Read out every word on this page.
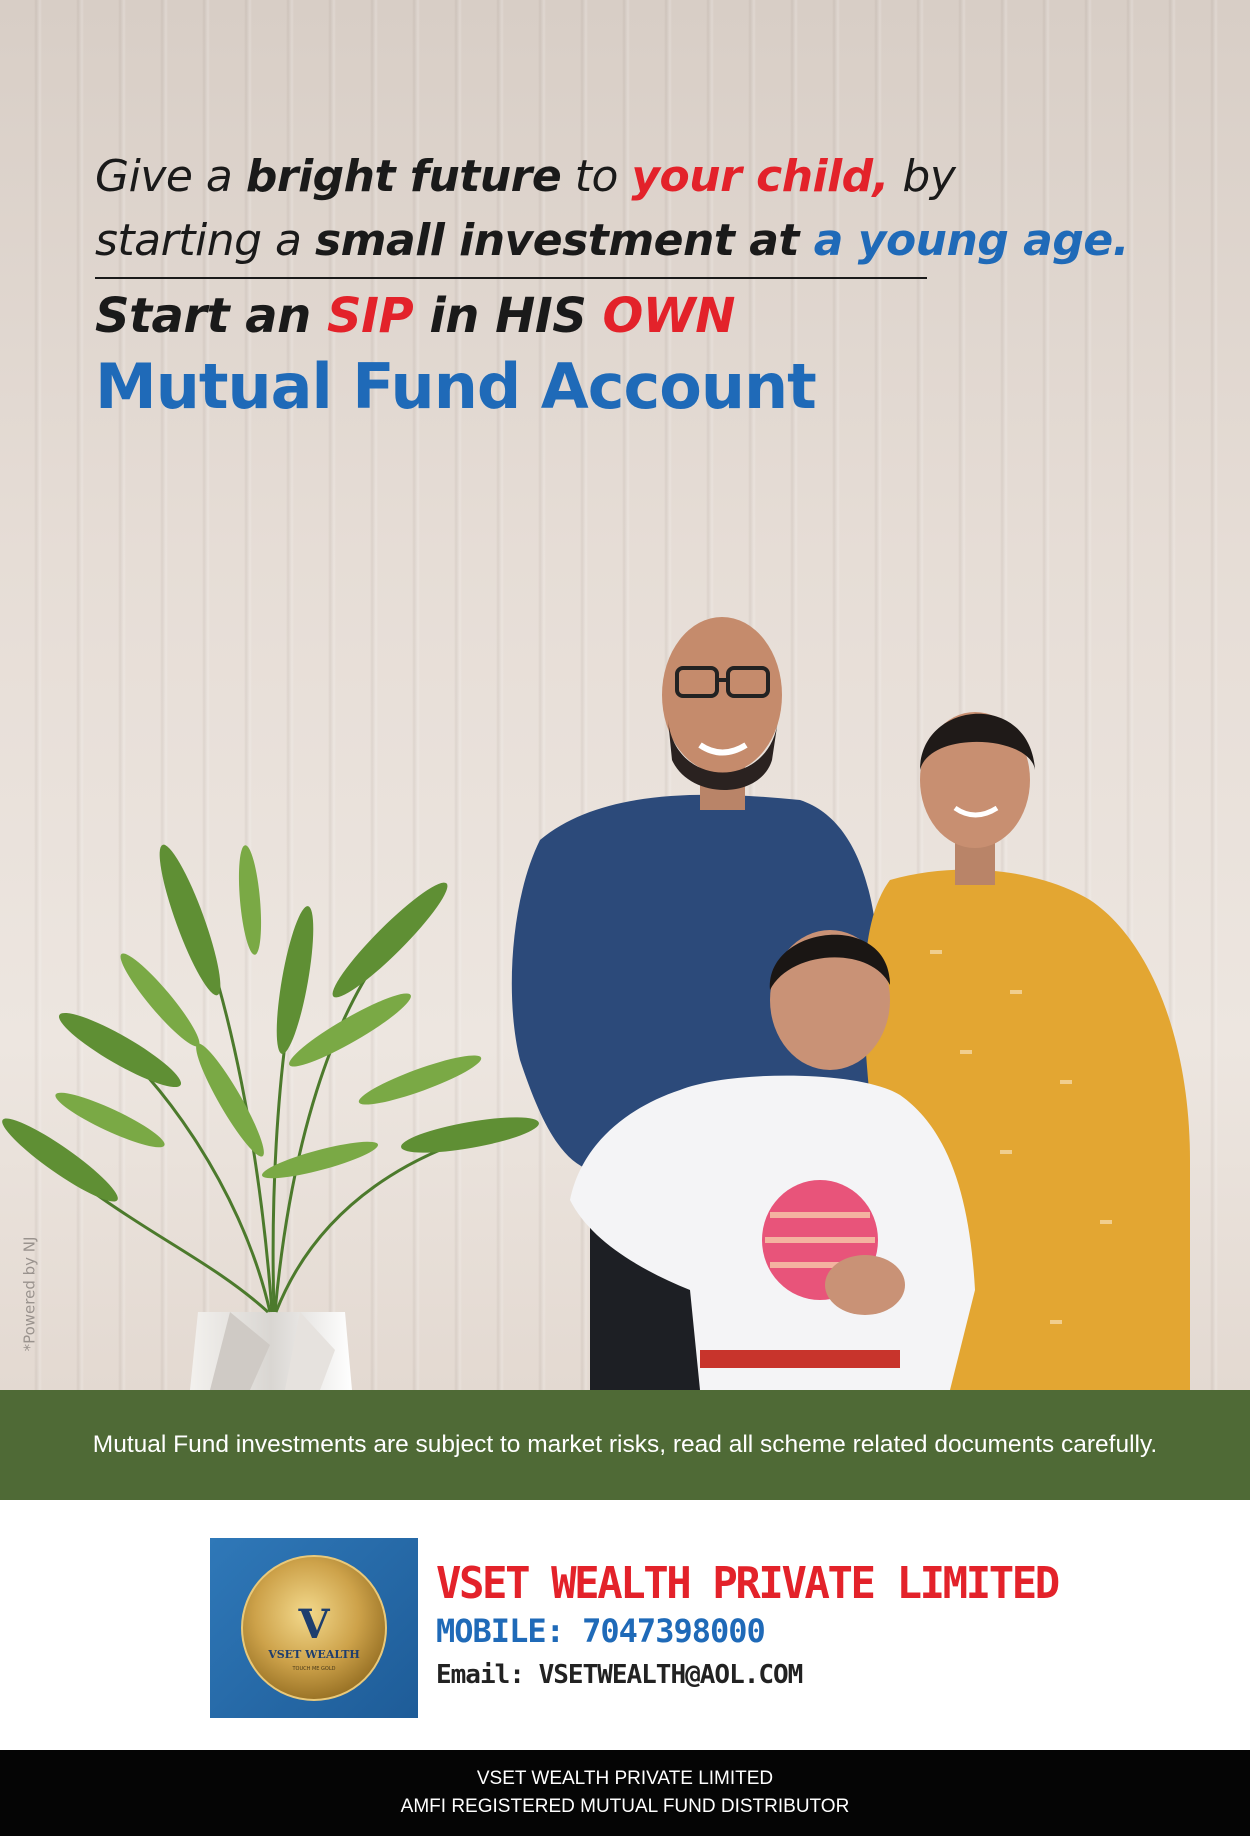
Give a bright future to your child, by
starting a small investment at a young age.
Start an SIP in HIS OWN
Mutual Fund Account
*Powered by NJ
Mutual Fund investments are subject to market risks, read all scheme related documents carefully.
V
VSET WEALTH
TOUCH ME GOLD
VSET WEALTH PRIVATE LIMITED
MOBILE: 7047398000
Email: VSETWEALTH@AOL.COM
VSET WEALTH PRIVATE LIMITED
AMFI REGISTERED MUTUAL FUND DISTRIBUTOR
